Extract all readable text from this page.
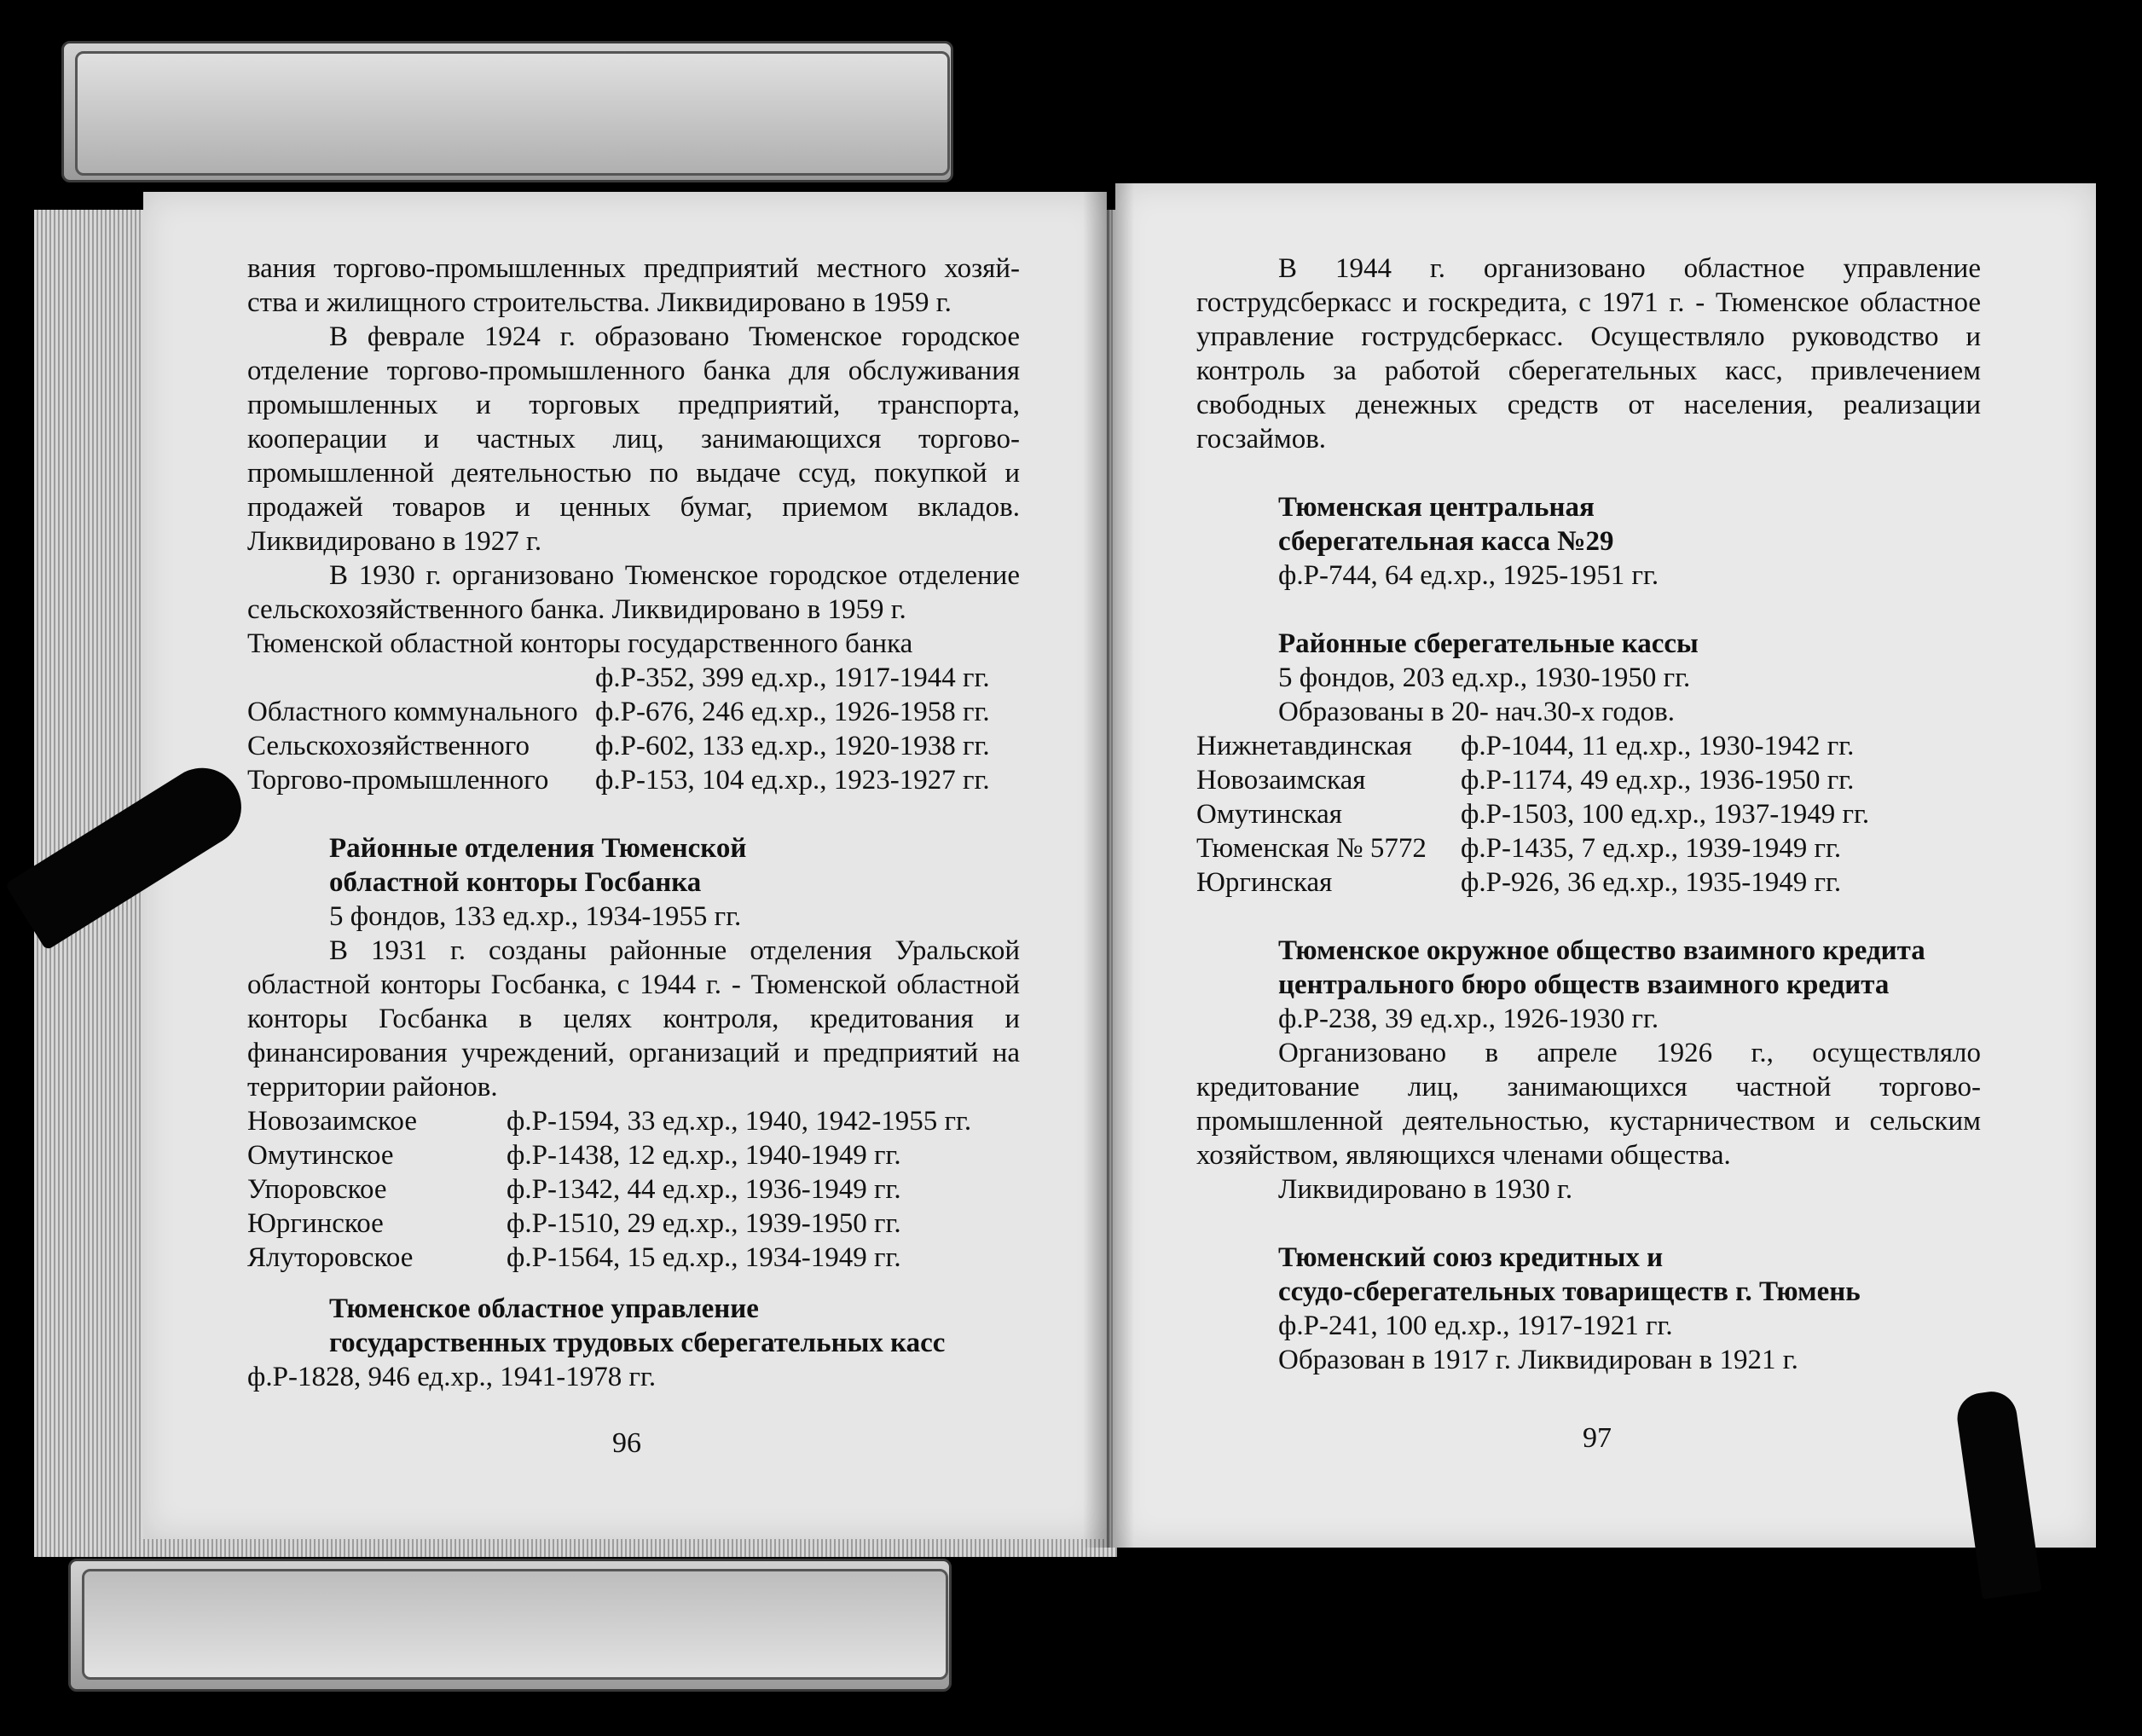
вания торгово-промышленных предприятий местного хозяй-

ства и жилищного строительства. Ликвидировано в 1959 г.

В феврале 1924 г. образовано Тюменское городское отделение торгово-промышленного банка для обслуживания промышленных и торговых предприятий, транспорта, кооперации и частных лиц, занимающихся торгово-промышленной деятельностью по выдаче ссуд, покупкой и продажей товаров и ценных бумаг, приемом вкладов. Ликвидировано в 1927 г.

В 1930 г. организовано Тюменское городское отделение сельскохозяйственного банка. Ликвидировано в 1959 г.

Тюменской областной конторы государственного банка

	ф.Р-352, 399 ед.хр., 1917-1944 гг.
Областного коммунального	ф.Р-676, 246 ед.хр., 1926-1958 гг.
Сельскохозяйственного	ф.Р-602, 133 ед.хр., 1920-1938 гг.
Торгово-промышленного	ф.Р-153, 104 ед.хр., 1923-1927 гг.

Районные отделения Тюменской

областной конторы Госбанка

5 фондов, 133 ед.хр., 1934-1955 гг.

В 1931 г. созданы районные отделения Уральской областной конторы Госбанка, с 1944 г. - Тюменской областной конторы Госбанка в целях контроля, кредитования и финансирования учреждений, организаций и предприятий на территории районов.

Новозаимское	ф.Р-1594, 33 ед.хр., 1940, 1942-1955 гг.
Омутинское	ф.Р-1438, 12 ед.хр., 1940-1949 гг.
Упоровское	ф.Р-1342, 44 ед.хр., 1936-1949 гг.
Юргинское	ф.Р-1510, 29 ед.хр., 1939-1950 гг.
Ялуторовское	ф.Р-1564, 15 ед.хр., 1934-1949 гг.

Тюменское областное управление

государственных трудовых сберегательных касс

ф.Р-1828, 946 ед.хр., 1941-1978 гг.

96

В 1944 г. организовано областное управление гострудсберкасс и госкредита, с 1971 г. - Тюменское областное управление гострудсберкасс. Осуществляло руководство и контроль за работой сберегательных касс, привлечением свободных денежных средств от населения, реализации госзаймов.

Тюменская центральная

сберегательная касса №29

ф.Р-744, 64 ед.хр., 1925-1951 гг.

Районные сберегательные кассы

5 фондов, 203 ед.хр., 1930-1950 гг.

Образованы в 20- нач.30-х годов.

Нижнетавдинская	ф.Р-1044, 11 ед.хр., 1930-1942 гг.
Новозаимская	ф.Р-1174, 49 ед.хр., 1936-1950 гг.
Омутинская	ф.Р-1503, 100 ед.хр., 1937-1949 гг.
Тюменская № 5772	ф.Р-1435, 7 ед.хр., 1939-1949 гг.
Юргинская	ф.Р-926, 36 ед.хр., 1935-1949 гг.

Тюменское окружное общество взаимного кредита

центрального бюро обществ взаимного кредита

ф.Р-238, 39 ед.хр., 1926-1930 гг.

Организовано в апреле 1926 г., осуществляло кредитование лиц, занимающихся частной торгово-промышленной деятельностью, кустарничеством и сельским хозяйством, являющихся членами общества.

Ликвидировано в 1930 г.

Тюменский союз кредитных и

ссудо-сберегательных товариществ г. Тюмень

ф.Р-241, 100 ед.хр., 1917-1921 гг.

Образован в 1917 г. Ликвидирован в 1921 г.

97
